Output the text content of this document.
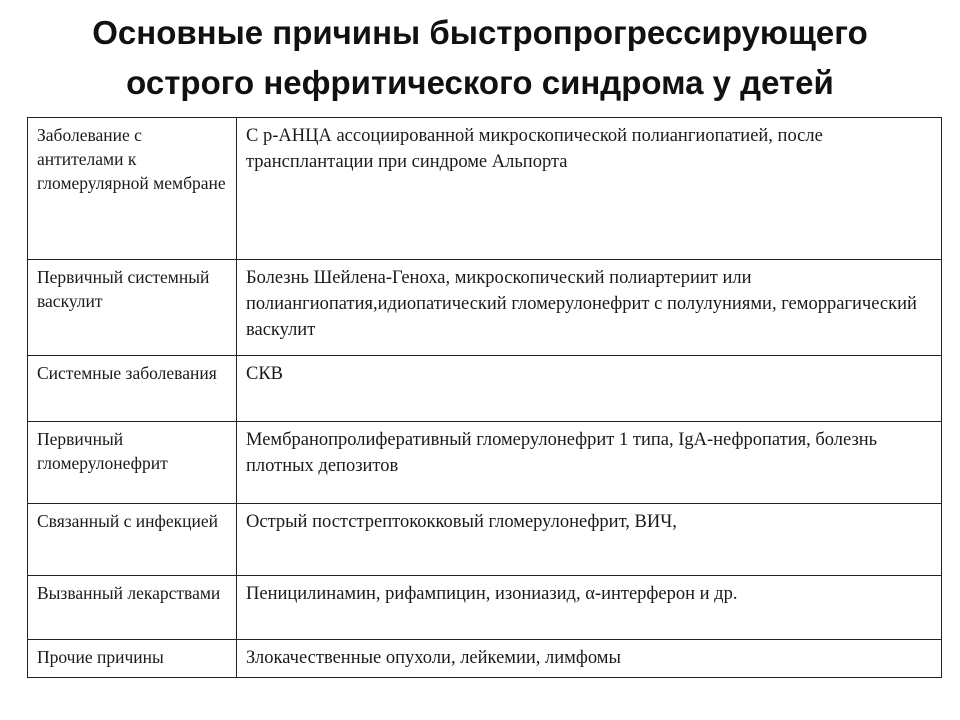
Основные причины быстропрогрессирующего
острого нефритического синдрома у детей
Заболевание с антителами к гломерулярной мембране	С р-АНЦА ассоциированной микроскопической полиангиопатией, после трансплантации при синдроме Альпорта
Первичный системный васкулит	Болезнь Шейлена-Геноха, микроскопический полиартериит или полиангиопатия,идиопатический гломерулонефрит с полулуниями, геморрагический васкулит
Системные заболевания	СКВ
Первичный гломерулонефрит	Мембранопролиферативный гломерулонефрит 1 типа, IgA-нефропатия, болезнь плотных депозитов
Связанный с инфекцией	Острый постстрептококковый гломерулонефрит, ВИЧ,
Вызванный лекарствами	Пеницилинамин, рифампицин, изониазид, α-интерферон и др.
Прочие причины	Злокачественные опухоли, лейкемии, лимфомы
